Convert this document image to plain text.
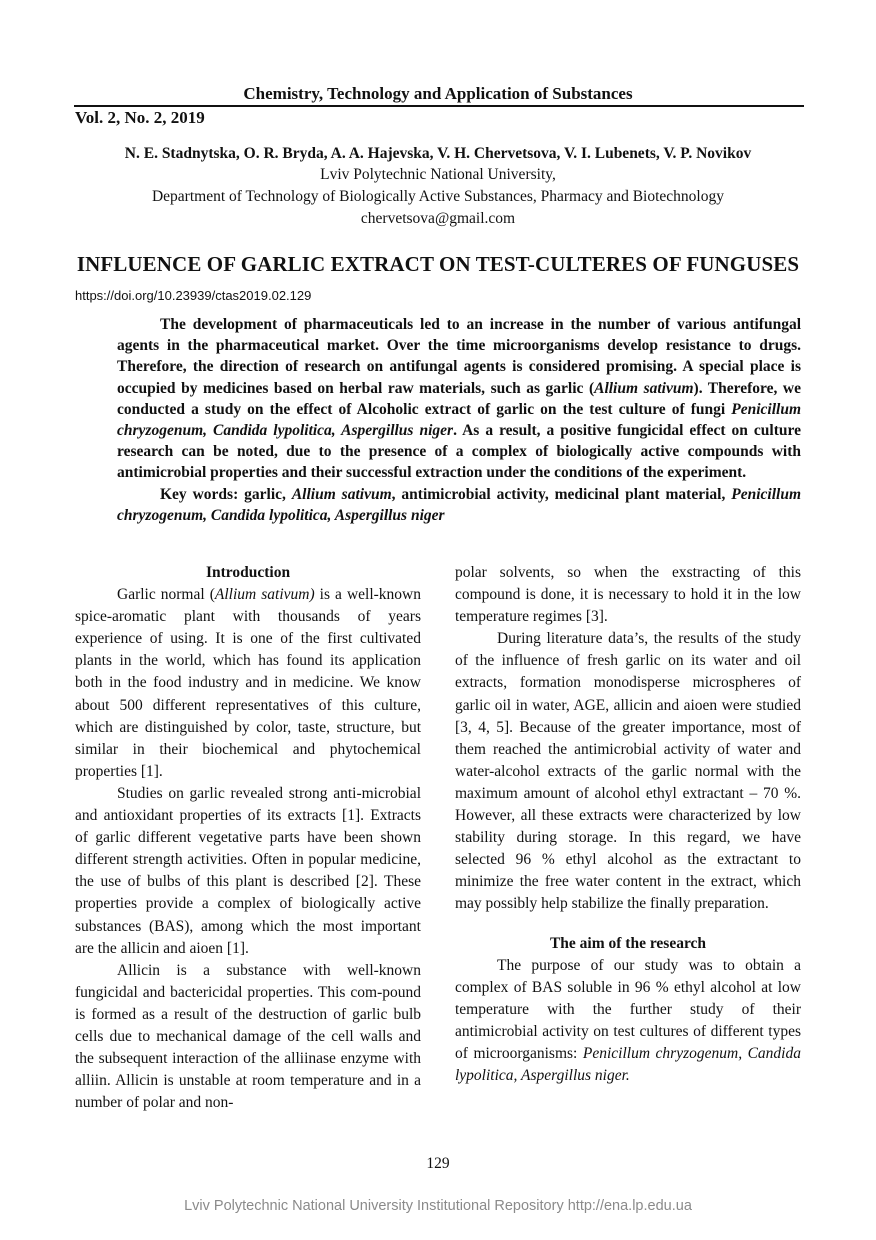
Chemistry, Technology and Application of Substances
Vol. 2, No. 2, 2019
N. E. Stadnytska, O. R. Bryda, A. A. Hajevska, V. H. Chervetsova, V. I. Lubenets, V. P. Novikov
Lviv Polytechnic National University,
Department of Technology of Biologically Active Substances, Pharmacy and Biotechnology
chervetsova@gmail.com
INFLUENCE OF GARLIC EXTRACT ON TEST-CULTERES OF FUNGUSES
https://doi.org/10.23939/ctas2019.02.129

The development of pharmaceuticals led to an increase in the number of various antifungal agents in the pharmaceutical market. Over the time microorganisms develop resistance to drugs. Therefore, the direction of research on antifungal agents is considered promising. A special place is occupied by medicines based on herbal raw materials, such as garlic (Allium sativum). Therefore, we conducted a study on the effect of Alcoholic extract of garlic on the test culture of fungi Penicillum chryzogenum, Candida lypolitica, Aspergillus niger. As a result, a positive fungicidal effect on culture research can be noted, due to the presence of a complex of biologically active compounds with antimicrobial properties and their successful extraction under the conditions of the experiment.

Key words: garlic, Allium sativum, antimicrobial activity, medicinal plant material, Penicillum chryzogenum, Candida lypolitica, Aspergillus niger

Introduction

Garlic normal (Allium sativum) is a well-known spice-aromatic plant with thousands of years experience of using. It is one of the first cultivated plants in the world, which has found its application both in the food industry and in medicine. We know about 500 different representatives of this culture, which are distinguished by color, taste, structure, but similar in their biochemical and phytochemical properties [1].

Studies on garlic revealed strong anti-microbial and antioxidant properties of its extracts [1]. Extracts of garlic different vegetative parts have been shown different strength activities. Often in popular medicine, the use of bulbs of this plant is described [2]. These properties provide a complex of biologically active substances (BAS), among which the most important are the allicin and aioen [1].

Allicin is a substance with well-known fungicidal and bactericidal properties. This com-pound is formed as a result of the destruction of garlic bulb cells due to mechanical damage of the cell walls and the subsequent interaction of the alliinase enzyme with alliin. Allicin is unstable at room temperature and in a number of polar and non-

polar solvents, so when the exstracting of this compound is done, it is necessary to hold it in the low temperature regimes [3].

During literature data’s, the results of the study of the influence of fresh garlic on its water and oil extracts, formation monodisperse microspheres of garlic oil in water, AGE, allicin and aioen were studied [3, 4, 5]. Because of the greater importance, most of them reached the antimicrobial activity of water and water-alcohol extracts of the garlic normal with the maximum amount of alcohol ethyl extractant – 70 %. However, all these extracts were characterized by low stability during storage. In this regard, we have selected 96 % ethyl alcohol as the extractant to minimize the free water content in the extract, which may possibly help stabilize the finally preparation.

The aim of the research

The purpose of our study was to obtain a complex of BAS soluble in 96 % ethyl alcohol at low temperature with the further study of their antimicrobial activity on test cultures of different types of microorganisms: Penicillum chryzogenum, Candida lypolitica, Aspergillus niger.

129
Lviv Polytechnic National University Institutional Repository http://ena.lp.edu.ua
